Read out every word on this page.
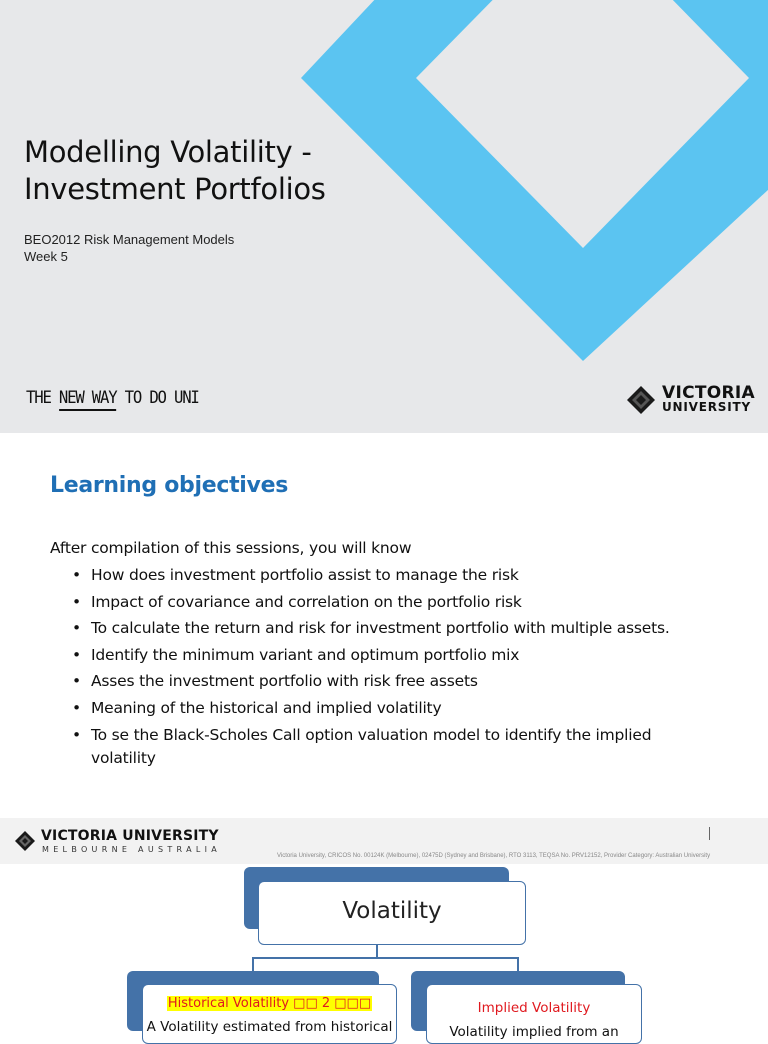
Modelling Volatility -
Investment Portfolios
BEO2012 Risk Management Models
Week 5
THE NEW WAY TO DO UNI	VICTORIA
UNIVERSITY
Learning objectives
After compilation of this sessions, you will know
• How does investment portfolio assist to manage the risk
• Impact of covariance and correlation on the portfolio risk
• To calculate the return and risk for investment portfolio with multiple assets.
• Identify the minimum variant and optimum portfolio mix
• Asses the investment portfolio with risk free assets
• Meaning of the historical and implied volatility
• To se the Black-Scholes Call option valuation model to identify the implied volatility
VICTORIA UNIVERSITY
MELBOURNE AUSTRALIA
Victoria University, CRICOS No. 00124K (Melbourne), 02475D (Sydney and Brisbane), RTO 3113, TEQSA No. PRV12152, Provider Category: Australian University
Volatility
Historical Volatility □□ 2 □□□
A Volatility estimated from historical
Implied Volatility
Volatility implied from an
